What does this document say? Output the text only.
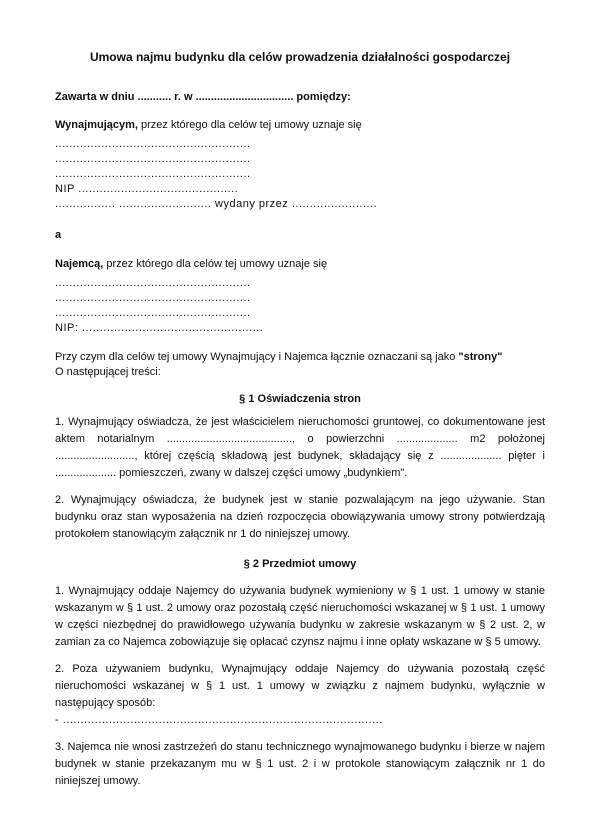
Umowa najmu budynku dla celów prowadzenia działalności gospodarczej
Zawarta w dniu ........... r. w ................................ pomiędzy:
Wynajmującym, przez którego dla celów tej umowy uznaje się
.......................................................
.......................................................
.......................................................
NIP .............................................
................. .......................... wydany przez ........................
a
Najemcą, przez którego dla celów tej umowy uznaje się
.......................................................
.......................................................
.......................................................
NIP: ...................................................
Przy czym dla celów tej umowy Wynajmujący i Najemca łącznie oznaczani są jako "strony"
O następującej treści:
§ 1 Oświadczenia stron
1. Wynajmujący oświadcza, że jest właścicielem nieruchomości gruntowej, co dokumentowane jest aktem notarialnym ........................................., o powierzchni .................... m2 położonej .........................., której częścią składową jest budynek, składający się z .................... pięter i .................... pomieszczeń, zwany w dalszej części umowy „budynkiem".
2. Wynajmujący oświadcza, że budynek jest w stanie pozwalającym na jego używanie. Stan budynku oraz stan wyposażenia na dzień rozpoczęcia obowiązywania umowy strony potwierdzają protokołem stanowiącym załącznik nr 1 do niniejszej umowy.
§ 2 Przedmiot umowy
1. Wynajmujący oddaje Najemcy do używania budynek wymieniony w § 1 ust. 1 umowy w stanie wskazanym w § 1 ust. 2 umowy oraz pozostałą część nieruchomości wskazanej w § 1 ust. 1 umowy w części niezbędnej do prawidłowego używania budynku w zakresie wskazanym w § 2 ust. 2, w zamian za co Najemca zobowiązuje się opłacać czynsz najmu i inne opłaty wskazane w § 5 umowy.
2. Poza używaniem budynku, Wynajmujący oddaje Najemcy do używania pozostałą część nieruchomości wskazanej w § 1 ust. 1 umowy w związku z najmem budynku, wyłącznie w następujący sposób:
- ..........................................................................................
3. Najemca nie wnosi zastrzeżeń do stanu technicznego wynajmowanego budynku i bierze w najem budynek w stanie przekazanym mu w § 1 ust. 2 i w protokole stanowiącym załącznik nr 1 do niniejszej umowy.
